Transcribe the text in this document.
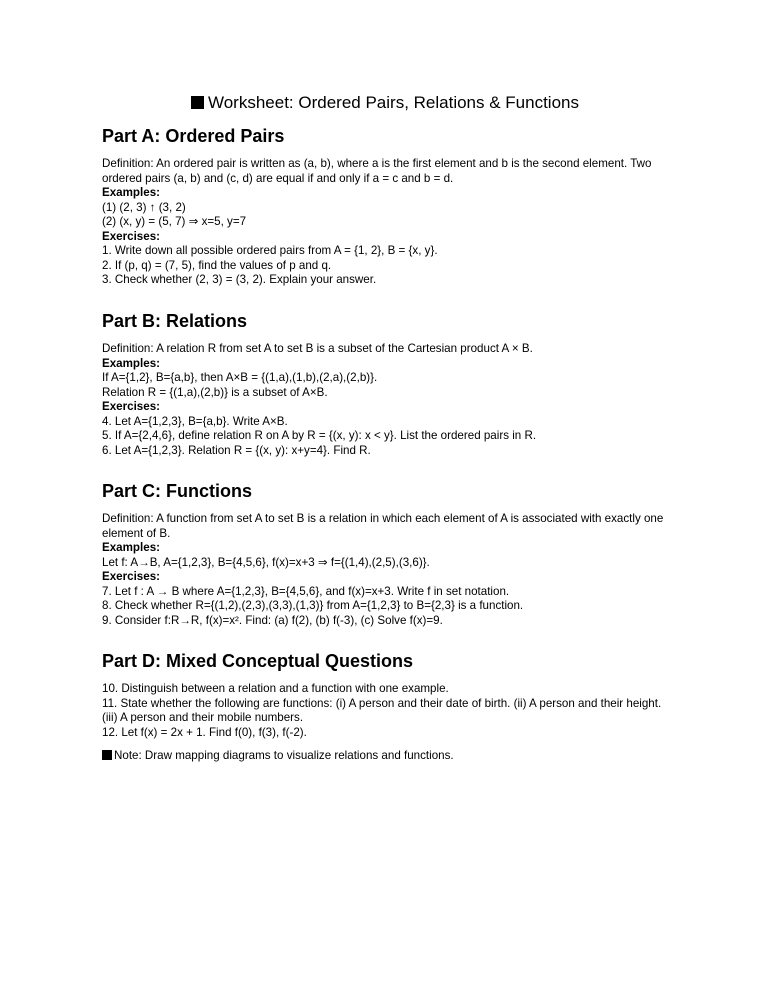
Worksheet: Ordered Pairs, Relations & Functions
Part A: Ordered Pairs

Definition: An ordered pair is written as (a, b), where a is the first element and b is the second element. Two ordered pairs (a, b) and (c, d) are equal if and only if a = c and b = d.

Examples:

(1) (2, 3) ↑ (3, 2)

(2) (x, y) = (5, 7) ⇒ x=5, y=7

Exercises:

1. Write down all possible ordered pairs from A = {1, 2}, B = {x, y}.

2. If (p, q) = (7, 5), find the values of p and q.

3. Check whether (2, 3) = (3, 2). Explain your answer.

Part B: Relations

Definition: A relation R from set A to set B is a subset of the Cartesian product A × B.

Examples:

If A={1,2}, B={a,b}, then A×B = {(1,a),(1,b),(2,a),(2,b)}.

Relation R = {(1,a),(2,b)} is a subset of A×B.

Exercises:

4. Let A={1,2,3}, B={a,b}. Write A×B.

5. If A={2,4,6}, define relation R on A by R = {(x, y): x < y}. List the ordered pairs in R.

6. Let A={1,2,3}. Relation R = {(x, y): x+y=4}. Find R.

Part C: Functions

Definition: A function from set A to set B is a relation in which each element of A is associated with exactly one element of B.

Examples:

Let f: A→B, A={1,2,3}, B={4,5,6}, f(x)=x+3 ⇒ f={(1,4),(2,5),(3,6)}.

Exercises:

7. Let f : A → B where A={1,2,3}, B={4,5,6}, and f(x)=x+3. Write f in set notation.

8. Check whether R={(1,2),(2,3),(3,3),(1,3)} from A={1,2,3} to B={2,3} is a function.

9. Consider f:R→R, f(x)=x². Find: (a) f(2), (b) f(-3), (c) Solve f(x)=9.

Part D: Mixed Conceptual Questions

10. Distinguish between a relation and a function with one example.

11. State whether the following are functions: (i) A person and their date of birth. (ii) A person and their height. (iii) A person and their mobile numbers.

12. Let f(x) = 2x + 1. Find f(0), f(3), f(-2).

Note: Draw mapping diagrams to visualize relations and functions.
